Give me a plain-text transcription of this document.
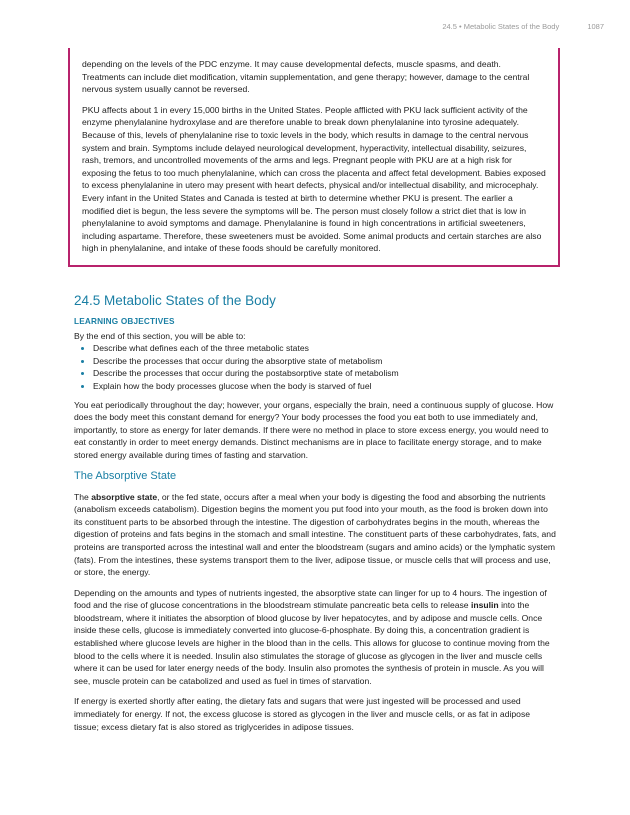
24.5 • Metabolic States of the Body	1087

depending on the levels of the PDC enzyme. It may cause developmental defects, muscle spasms, and death. Treatments can include diet modification, vitamin supplementation, and gene therapy; however, damage to the central nervous system usually cannot be reversed.

PKU affects about 1 in every 15,000 births in the United States. People afflicted with PKU lack sufficient activity of the enzyme phenylalanine hydroxylase and are therefore unable to break down phenylalanine into tyrosine adequately. Because of this, levels of phenylalanine rise to toxic levels in the body, which results in damage to the central nervous system and brain. Symptoms include delayed neurological development, hyperactivity, intellectual disability, seizures, rash, tremors, and uncontrolled movements of the arms and legs. Pregnant people with PKU are at a high risk for exposing the fetus to too much phenylalanine, which can cross the placenta and affect fetal development. Babies exposed to excess phenylalanine in utero may present with heart defects, physical and/or intellectual disability, and microcephaly. Every infant in the United States and Canada is tested at birth to determine whether PKU is present. The earlier a modified diet is begun, the less severe the symptoms will be. The person must closely follow a strict diet that is low in phenylalanine to avoid symptoms and damage. Phenylalanine is found in high concentrations in artificial sweeteners, including aspartame. Therefore, these sweeteners must be avoided. Some animal products and certain starches are also high in phenylalanine, and intake of these foods should be carefully monitored.

24.5 Metabolic States of the Body
LEARNING OBJECTIVES
By the end of this section, you will be able to:
Describe what defines each of the three metabolic states
Describe the processes that occur during the absorptive state of metabolism
Describe the processes that occur during the postabsorptive state of metabolism
Explain how the body processes glucose when the body is starved of fuel

You eat periodically throughout the day; however, your organs, especially the brain, need a continuous supply of glucose. How does the body meet this constant demand for energy? Your body processes the food you eat both to use immediately and, importantly, to store as energy for later demands. If there were no method in place to store excess energy, you would need to eat constantly in order to meet energy demands. Distinct mechanisms are in place to facilitate energy storage, and to make stored energy available during times of fasting and starvation.

The Absorptive State

The absorptive state, or the fed state, occurs after a meal when your body is digesting the food and absorbing the nutrients (anabolism exceeds catabolism). Digestion begins the moment you put food into your mouth, as the food is broken down into its constituent parts to be absorbed through the intestine. The digestion of carbohydrates begins in the mouth, whereas the digestion of proteins and fats begins in the stomach and small intestine. The constituent parts of these carbohydrates, fats, and proteins are transported across the intestinal wall and enter the bloodstream (sugars and amino acids) or the lymphatic system (fats). From the intestines, these systems transport them to the liver, adipose tissue, or muscle cells that will process and use, or store, the energy.

Depending on the amounts and types of nutrients ingested, the absorptive state can linger for up to 4 hours. The ingestion of food and the rise of glucose concentrations in the bloodstream stimulate pancreatic beta cells to release insulin into the bloodstream, where it initiates the absorption of blood glucose by liver hepatocytes, and by adipose and muscle cells. Once inside these cells, glucose is immediately converted into glucose-6-phosphate. By doing this, a concentration gradient is established where glucose levels are higher in the blood than in the cells. This allows for glucose to continue moving from the blood to the cells where it is needed. Insulin also stimulates the storage of glucose as glycogen in the liver and muscle cells where it can be used for later energy needs of the body. Insulin also promotes the synthesis of protein in muscle. As you will see, muscle protein can be catabolized and used as fuel in times of starvation.

If energy is exerted shortly after eating, the dietary fats and sugars that were just ingested will be processed and used immediately for energy. If not, the excess glucose is stored as glycogen in the liver and muscle cells, or as fat in adipose tissue; excess dietary fat is also stored as triglycerides in adipose tissues.
